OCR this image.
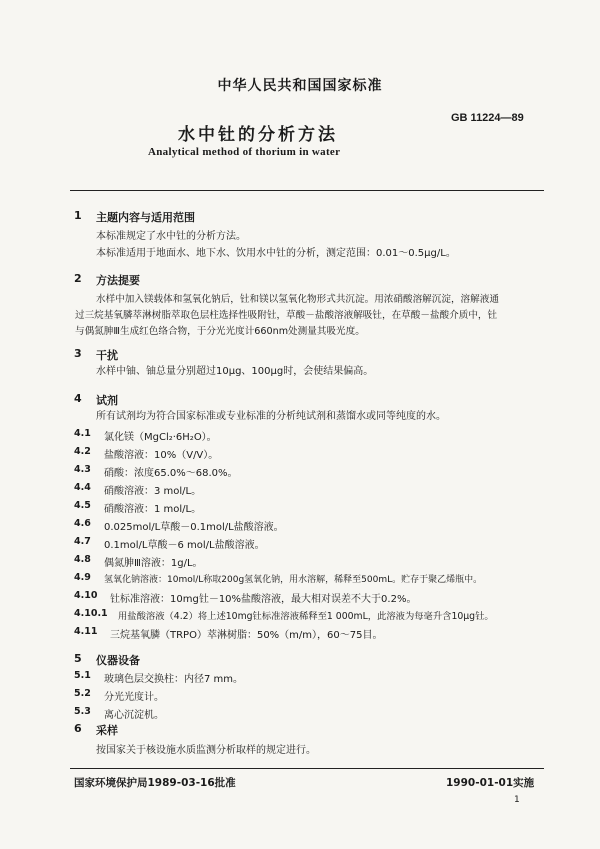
中华人民共和国国家标准
水中钍的分析方法
GB 11224—89
Analytical method of thorium in water
1 主题内容与适用范围
本标准规定了水中钍的分析方法。
本标准适用于地面水、地下水、饮用水中钍的分析，测定范围：0.01～0.5μg/L。
2 方法提要
水样中加入镁载体和氢氧化钠后，钍和镁以氢氧化物形式共沉淀。用浓硝酸溶解沉淀，溶解液通
过三烷基氧膦萃淋树脂萃取色层柱选择性吸附钍，草酸－盐酸溶液解吸钍，在草酸－盐酸介质中，钍
与偶氮胂Ⅲ生成红色络合物，于分光光度计660nm处测量其吸光度。
3 干扰
水样中铀、铀总量分别超过10μg、100μg时，会使结果偏高。
4 试剂
所有试剂均为符合国家标准或专业标准的分析纯试剂和蒸馏水或同等纯度的水。
4.1 氯化镁（MgCl₂·6H₂O）。
4.2 盐酸溶液：10%（V/V）。
4.3 硝酸：浓度65.0%～68.0%。
4.4 硝酸溶液：3 mol/L。
4.5 硝酸溶液：1 mol/L。
4.6 0.025mol/L草酸－0.1mol/L盐酸溶液。
4.7 0.1mol/L草酸－6 mol/L盐酸溶液。
4.8 偶氮胂Ⅲ溶液：1g/L。
4.9 氢氧化钠溶液：10mol/L称取200g氢氧化钠，用水溶解，稀释至500mL。贮存于聚乙烯瓶中。
4.10 钍标准溶液：10mg钍－10%盐酸溶液，最大相对误差不大于0.2%。
4.10.1 用盐酸溶液（4.2）将上述10mg钍标准溶液稀释至1 000mL，此溶液为每毫升含10μg钍。
4.11 三烷基氧膦（TRPO）萃淋树脂：50%（m/m），60～75目。
5 仪器设备
5.1 玻璃色层交换柱：内径7 mm。
5.2 分光光度计。
5.3 离心沉淀机。
6 采样
按国家关于核设施水质监测分析取样的规定进行。
国家环境保护局1989-03-16批准	1990-01-01实施
1
